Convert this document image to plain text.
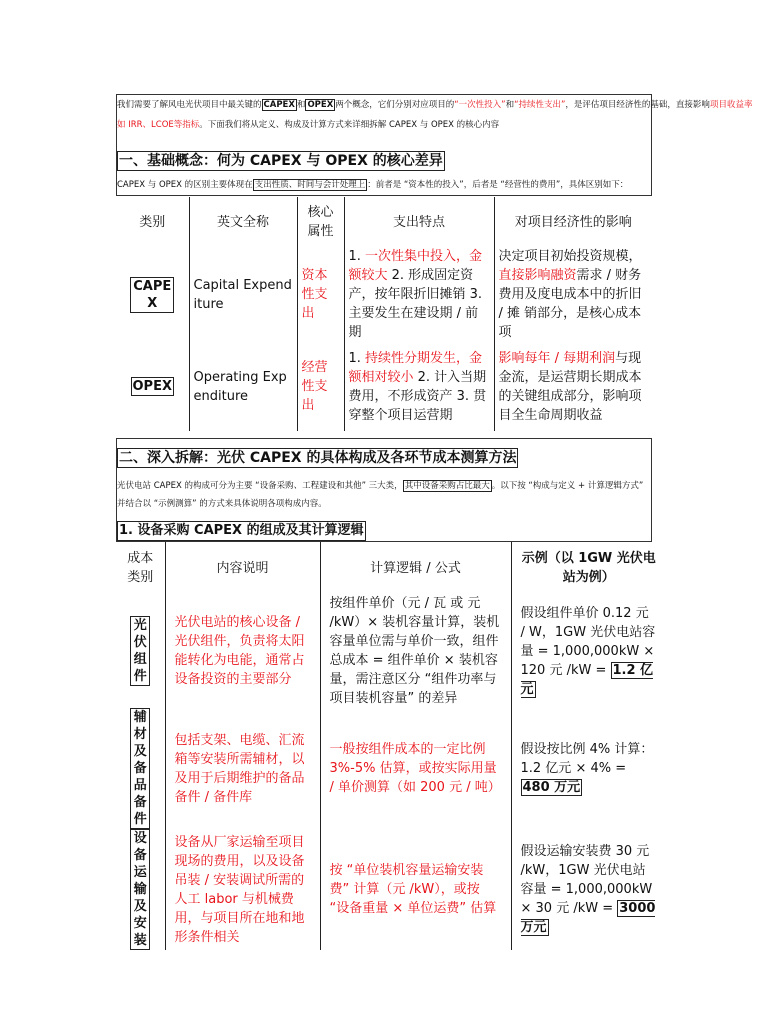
我们需要了解风电光伏项目中最关键的 CAPEX 和 OPEX 两个概念，它们分别对应项目的“一次性投入”和“持续性支出”，是评估项目经济性的基础，直接影响项目收益率

如 IRR、LCOE等指标。下面我们将从定义、构成及计算方式来详细拆解 CAPEX 与 OPEX 的核心内容

一、基础概念：何为 CAPEX 与 OPEX 的核心差异

CAPEX 与 OPEX 的区别主要体现在 支出性质、时间与会计处理上 ：前者是 “资本性的投入”，后者是 “经营性的费用”，具体区别如下：

类别	英文全称	核心属性	支出特点	对项目经济性的影响
CAPEX	Capital Expenditure	资本性支出	1. 一次性集中投入，金额较大 2. 形成固定资产，按年限折旧摊销 3. 主要发生在建设期 / 前期	决定项目初始投资规模，直接影响融资需求 / 财务费用及度电成本中的折旧 / 摊 销部分，是核心成本项
OPEX	Operating Expenditure	经营性支出	1. 持续性分期发生，金额相对较小 2. 计入当期费用，不形成资产 3. 贯穿整个项目运营期	影响每年 / 每期利润与现金流，是运营期长期成本的关键组成部分，影响项目全生命周期收益
二、深入拆解：光伏 CAPEX 的具体构成及各环节成本测算方法

光伏电站 CAPEX 的构成可分为主要 “设备采购、工程建设和其他” 三大类， 其中设备采购占比最大 。以下按 “构成与定义 + 计算逻辑方式” 并结合以 “示例测算” 的方式来具体说明各项构成内容。

1. 设备采购 CAPEX 的组成及其计算逻辑
成本类别	内容说明	计算逻辑 / 公式	示例（以 1GW 光伏电站为例）
光伏组件	光伏电站的核心设备 / 光伏组件，负责将太阳能转化为电能，通常占设备投资的主要部分	按组件单价（元 / 瓦 或 元 /kW）× 装机容量计算，装机容量单位需与单价一致，组件总成本 = 组件单价 × 装机容量，需注意区分 “组件功率与项目装机容量” 的差异	假设组件单价 0.12 元 / W，1GW 光伏电站容量 = 1,000,000kW × 120 元 /kW = 1.2 亿元
辅材及备品备件	包括支架、电缆、汇流箱等安装所需辅材，以及用于后期维护的备品备件 / 备件库	一般按组件成本的一定比例 3%-5% 估算，或按实际用量 / 单价测算（如 200 元 / 吨）	假设按比例 4% 计算：1.2 亿元 × 4% = 480 万元
设备运输及安装	设备从厂家运输至项目现场的费用，以及设备吊装 / 安装调试所需的人工 labor 与机械费用，与项目所在地和地形条件相关	按 “单位装机容量运输安装费” 计算（元 /kW），或按 “设备重量 × 单位运费” 估算	假设运输安装费 30 元 /kW，1GW 光伏电站容量 = 1,000,000kW × 30 元 /kW = 3000 万元
